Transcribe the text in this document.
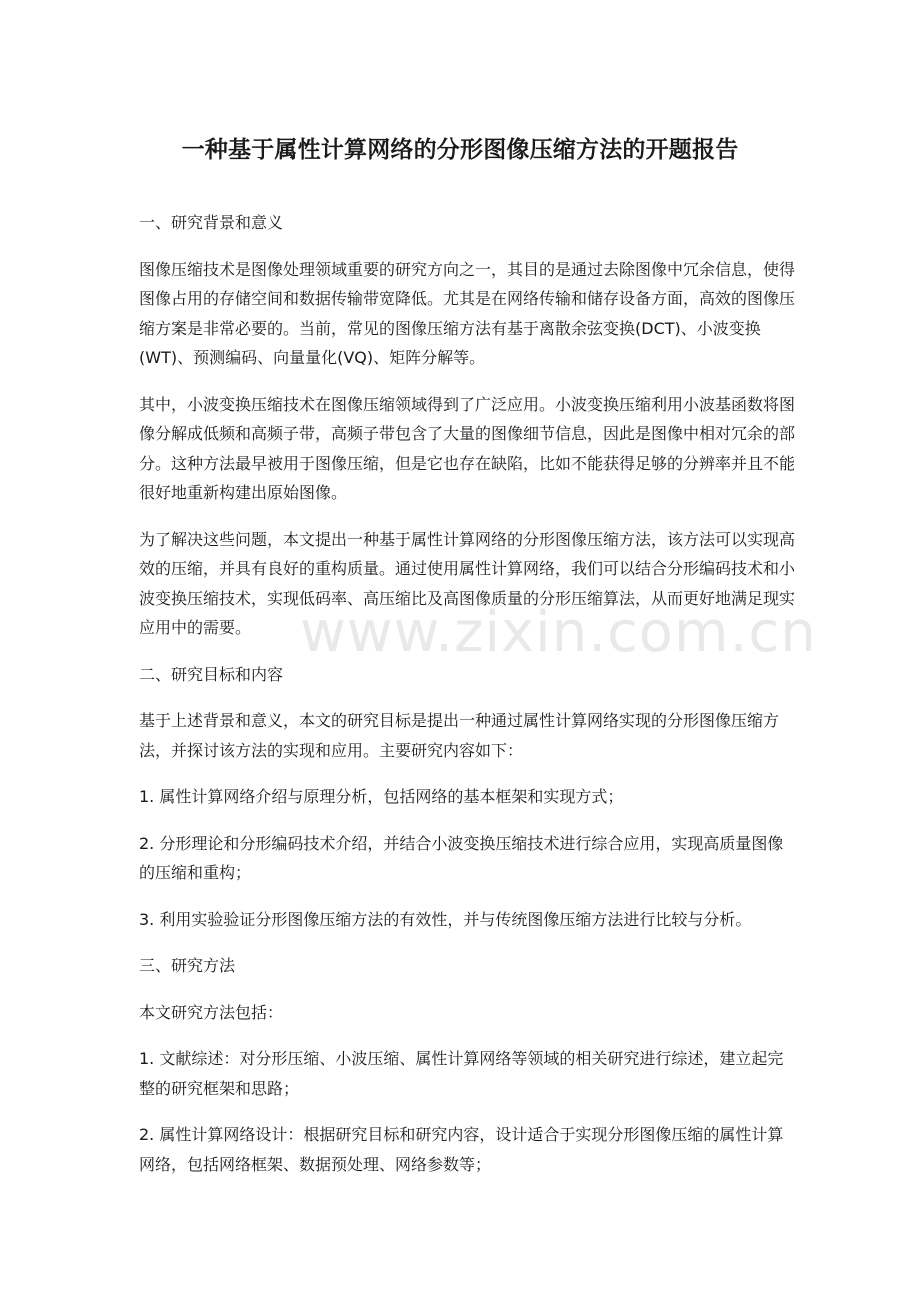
一种基于属性计算网络的分形图像压缩方法的开题报告

一、研究背景和意义

图像压缩技术是图像处理领域重要的研究方向之一，其目的是通过去除图像中冗余信息，使得图像占用的存储空间和数据传输带宽降低。尤其是在网络传输和储存设备方面，高效的图像压缩方案是非常必要的。当前，常见的图像压缩方法有基于离散余弦变换(DCT)、小波变换(WT)、预测编码、向量量化(VQ)、矩阵分解等。

其中，小波变换压缩技术在图像压缩领域得到了广泛应用。小波变换压缩利用小波基函数将图像分解成低频和高频子带，高频子带包含了大量的图像细节信息，因此是图像中相对冗余的部分。这种方法最早被用于图像压缩，但是它也存在缺陷，比如不能获得足够的分辨率并且不能很好地重新构建出原始图像。

为了解决这些问题，本文提出一种基于属性计算网络的分形图像压缩方法，该方法可以实现高效的压缩，并具有良好的重构质量。通过使用属性计算网络，我们可以结合分形编码技术和小波变换压缩技术，实现低码率、高压缩比及高图像质量的分形压缩算法，从而更好地满足现实应用中的需要。

二、研究目标和内容

基于上述背景和意义，本文的研究目标是提出一种通过属性计算网络实现的分形图像压缩方法，并探讨该方法的实现和应用。主要研究内容如下：

1. 属性计算网络介绍与原理分析，包括网络的基本框架和实现方式；

2. 分形理论和分形编码技术介绍，并结合小波变换压缩技术进行综合应用，实现高质量图像的压缩和重构；

3. 利用实验验证分形图像压缩方法的有效性，并与传统图像压缩方法进行比较与分析。

三、研究方法

本文研究方法包括：

1. 文献综述：对分形压缩、小波压缩、属性计算网络等领域的相关研究进行综述，建立起完整的研究框架和思路；

2. 属性计算网络设计：根据研究目标和研究内容，设计适合于实现分形图像压缩的属性计算网络，包括网络框架、数据预处理、网络参数等；

www.zixin.com.cn
